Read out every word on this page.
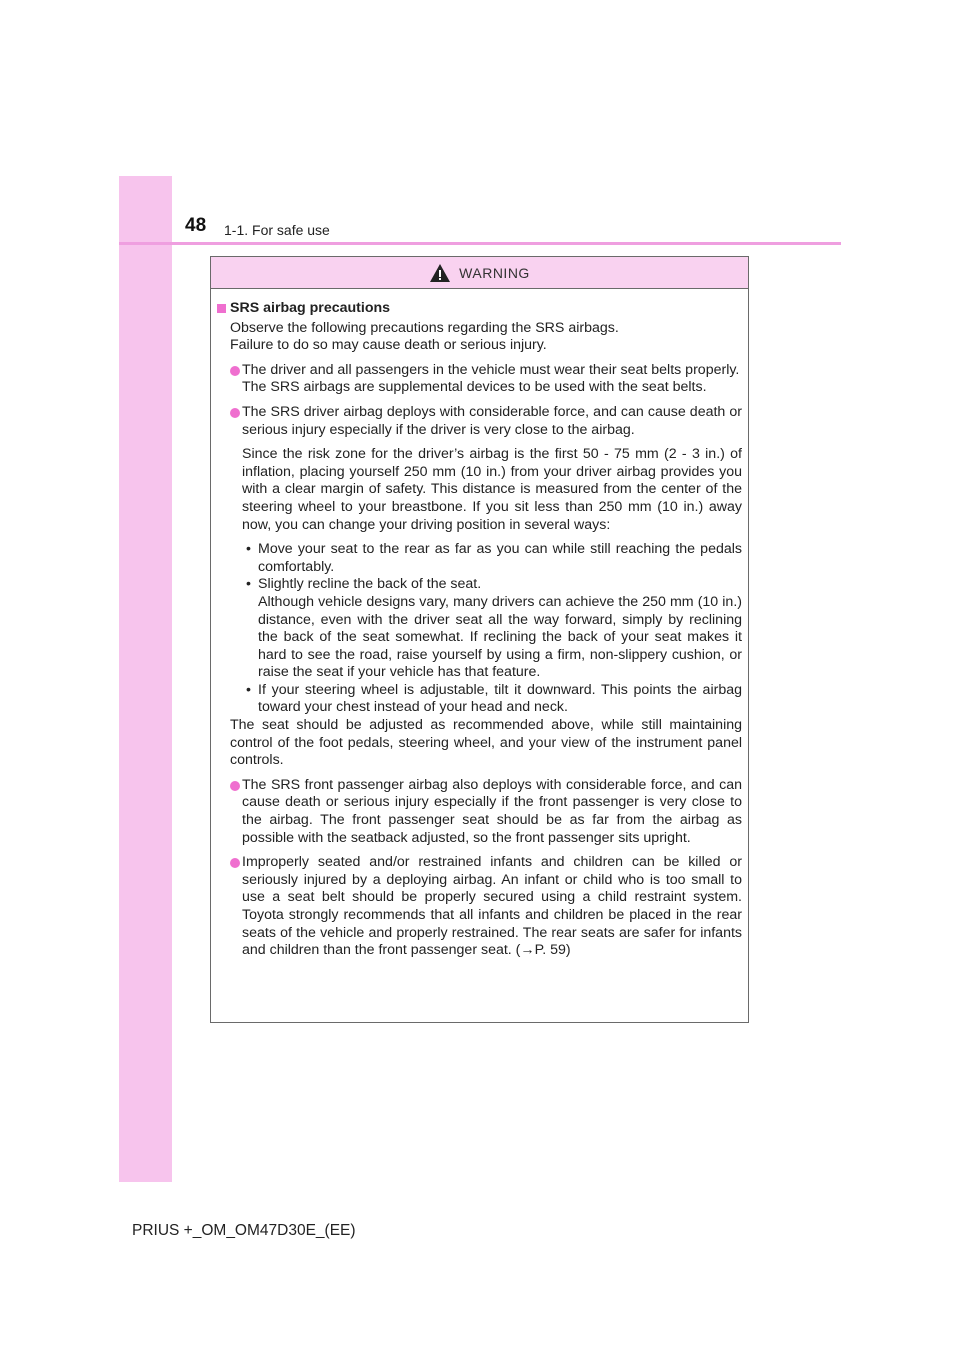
48 1-1. For safe use
WARNING
SRS airbag precautions
Observe the following precautions regarding the SRS airbags.
Failure to do so may cause death or serious injury.
The driver and all passengers in the vehicle must wear their seat belts properly.
The SRS airbags are supplemental devices to be used with the seat belts.
The SRS driver airbag deploys with considerable force, and can cause death or serious injury especially if the driver is very close to the airbag.
Since the risk zone for the driver’s airbag is the first 50 - 75 mm (2 - 3 in.) of inflation, placing yourself 250 mm (10 in.) from your driver airbag provides you with a clear margin of safety. This distance is measured from the center of the steering wheel to your breastbone. If you sit less than 250 mm (10 in.) away now, you can change your driving position in several ways:
• Move your seat to the rear as far as you can while still reaching the pedals comfortably.
• Slightly recline the back of the seat.
Although vehicle designs vary, many drivers can achieve the 250 mm (10 in.) distance, even with the driver seat all the way forward, simply by reclining the back of the seat somewhat. If reclining the back of your seat makes it hard to see the road, raise yourself by using a firm, non-slippery cushion, or raise the seat if your vehicle has that feature.
• If your steering wheel is adjustable, tilt it downward. This points the airbag toward your chest instead of your head and neck.
The seat should be adjusted as recommended above, while still maintaining control of the foot pedals, steering wheel, and your view of the instrument panel controls.
The SRS front passenger airbag also deploys with considerable force, and can cause death or serious injury especially if the front passenger is very close to the airbag. The front passenger seat should be as far from the airbag as possible with the seatback adjusted, so the front passenger sits upright.
Improperly seated and/or restrained infants and children can be killed or seriously injured by a deploying airbag. An infant or child who is too small to use a seat belt should be properly secured using a child restraint system. Toyota strongly recommends that all infants and children be placed in the rear seats of the vehicle and properly restrained. The rear seats are safer for infants and children than the front passenger seat. (→P. 59)
PRIUS +_OM_OM47D30E_(EE)
